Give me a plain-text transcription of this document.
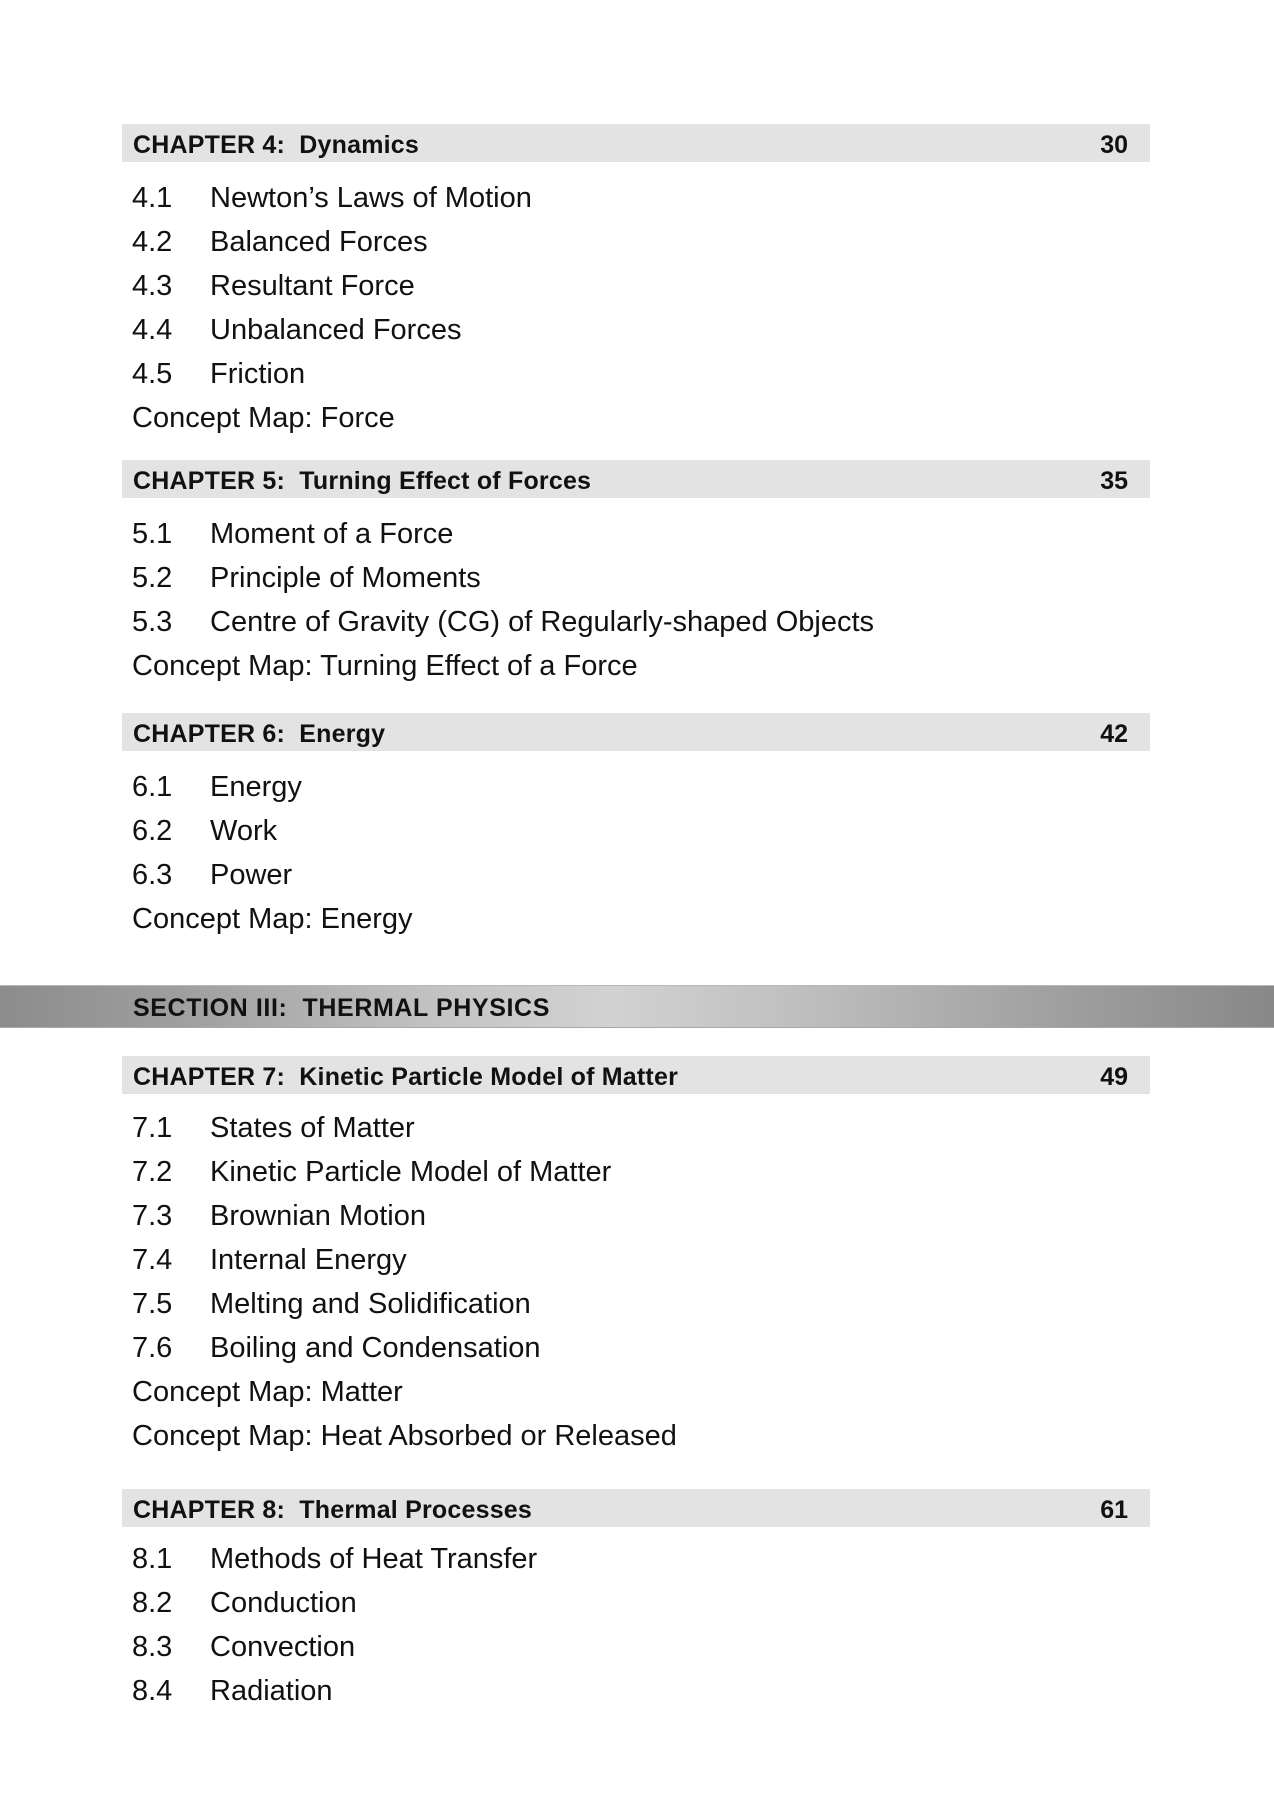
CHAPTER 4:  Dynamics	30
4.1 Newton’s Laws of Motion
4.2 Balanced Forces
4.3 Resultant Force
4.4 Unbalanced Forces
4.5 Friction
Concept Map: Force
CHAPTER 5:  Turning Effect of Forces	35
5.1 Moment of a Force
5.2 Principle of Moments
5.3 Centre of Gravity (CG) of Regularly-shaped Objects
Concept Map: Turning Effect of a Force
CHAPTER 6:  Energy	42
6.1 Energy
6.2 Work
6.3 Power
Concept Map: Energy
SECTION III:  THERMAL PHYSICS
CHAPTER 7:  Kinetic Particle Model of Matter	49
7.1 States of Matter
7.2 Kinetic Particle Model of Matter
7.3 Brownian Motion
7.4 Internal Energy
7.5 Melting and Solidification
7.6 Boiling and Condensation
Concept Map: Matter
Concept Map: Heat Absorbed or Released
CHAPTER 8:  Thermal Processes	61
8.1 Methods of Heat Transfer
8.2 Conduction
8.3 Convection
8.4 Radiation
